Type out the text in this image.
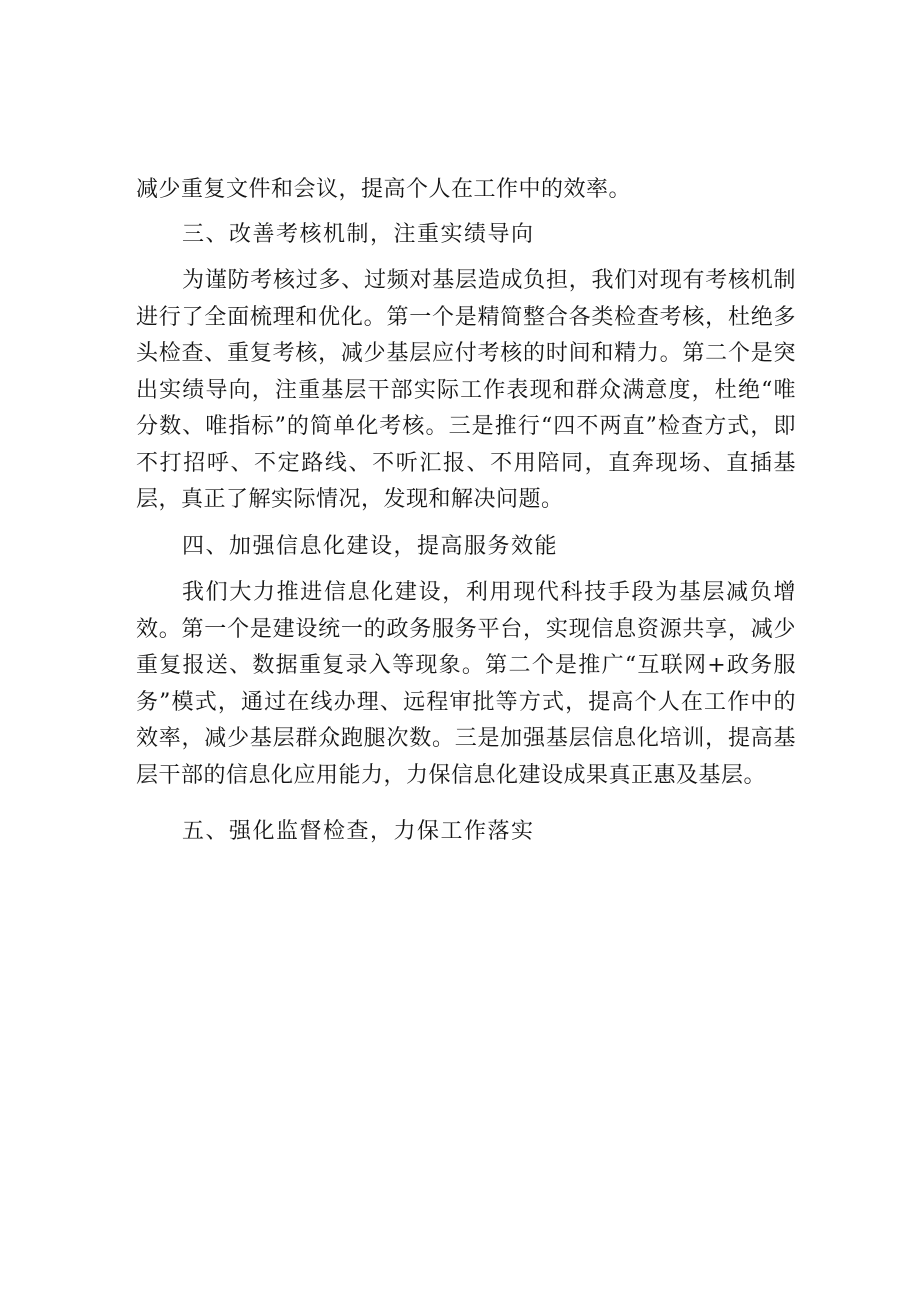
减少重复文件和会议，提高个人在工作中的效率。

三、改善考核机制，注重实绩导向

为谨防考核过多、过频对基层造成负担，我们对现有考核机制进行了全面梳理和优化。第一个是精简整合各类检查考核，杜绝多头检查、重复考核，减少基层应付考核的时间和精力。第二个是突出实绩导向，注重基层干部实际工作表现和群众满意度，杜绝“唯分数、唯指标”的简单化考核。三是推行“四不两直”检查方式，即不打招呼、不定路线、不听汇报、不用陪同，直奔现场、直插基层，真正了解实际情况，发现和解决问题。

四、加强信息化建设，提高服务效能

我们大力推进信息化建设，利用现代科技手段为基层减负增效。第一个是建设统一的政务服务平台，实现信息资源共享，减少重复报送、数据重复录入等现象。第二个是推广“互联网+政务服务”模式，通过在线办理、远程审批等方式，提高个人在工作中的效率，减少基层群众跑腿次数。三是加强基层信息化培训，提高基层干部的信息化应用能力，力保信息化建设成果真正惠及基层。

五、强化监督检查，力保工作落实
